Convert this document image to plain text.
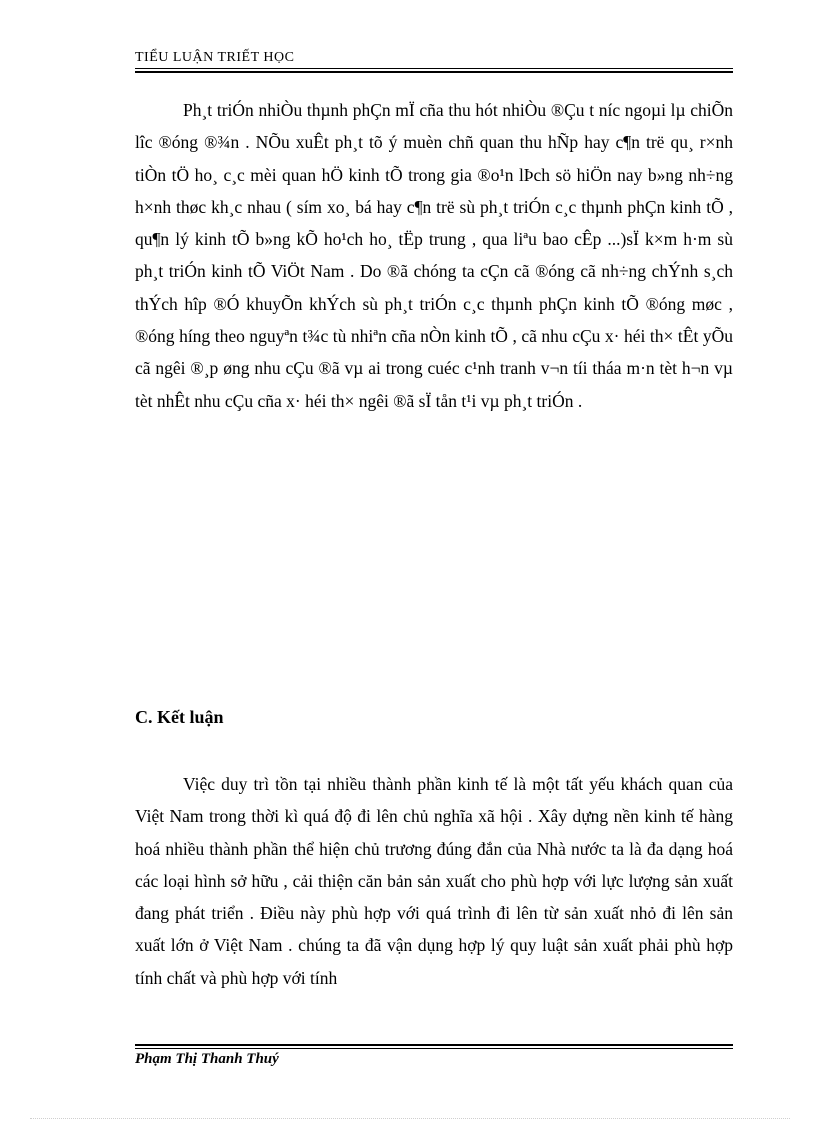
TIỂU LUẬN TRIẾT HỌC

Ph¸t triÓn nhiÒu thµnh phÇn mÏ cña thu hót nhiÒu ®Çu t níc ngoµi lµ chiÕn lîc ®óng ®¾n . NÕu xuÊt ph¸t tõ ý muèn chñ quan thu hÑp hay c¶n trë qu¸ r×nh tiÒn tÖ ho¸ c¸c mèi quan hÖ kinh tÕ trong gia ®o¹n lÞch sö hiÖn nay b»ng nh÷ng h×nh thøc kh¸c nhau ( sím xo¸ bá hay c¶n trë sù ph¸t triÓn c¸c thµnh phÇn kinh tÕ , qu¶n lý kinh tÕ b»ng kÕ ho¹ch ho¸ tËp trung , qua liªu bao cÊp ...)sÏ k×m h·m sù ph¸t triÓn kinh tÕ ViÖt Nam . Do ®ã chóng ta cÇn cã ®óng cã nh÷ng chÝnh s¸ch thÝch hîp ®Ó khuyÕn khÝch sù ph¸t triÓn c¸c thµnh phÇn kinh tÕ ®óng møc , ®óng híng theo nguyªn t¾c tù nhiªn cña nÒn kinh tÕ , cã nhu cÇu x· héi th× tÊt yÕu cã ngêi ®¸p øng nhu cÇu ®ã vµ ai trong cuéc c¹nh tranh v¬n tíi tháa m·n tèt h¬n vµ tèt nhÊt nhu cÇu cña x· héi th× ngêi ®ã sÏ tån t¹i vµ ph¸t triÓn .

C. Kết luận

Việc duy trì tồn tại nhiều thành phần kinh tế là một tất yếu khách quan của Việt Nam trong thời kì quá độ đi lên chủ nghĩa xã hội . Xây dựng nền kinh tế hàng hoá nhiều thành phần thể hiện chủ trương đúng đắn của Nhà nước ta là đa dạng hoá các loại hình sở hữu , cải thiện căn bản sản xuất cho phù hợp với lực lượng sản xuất đang phát triển . Điều này phù hợp với quá trình đi lên từ sản xuất nhỏ đi lên sản xuất lớn ở Việt Nam . chúng ta đã vận dụng hợp lý quy luật sản xuất phải phù hợp tính chất và phù hợp với tính

Phạm Thị Thanh Thuý
